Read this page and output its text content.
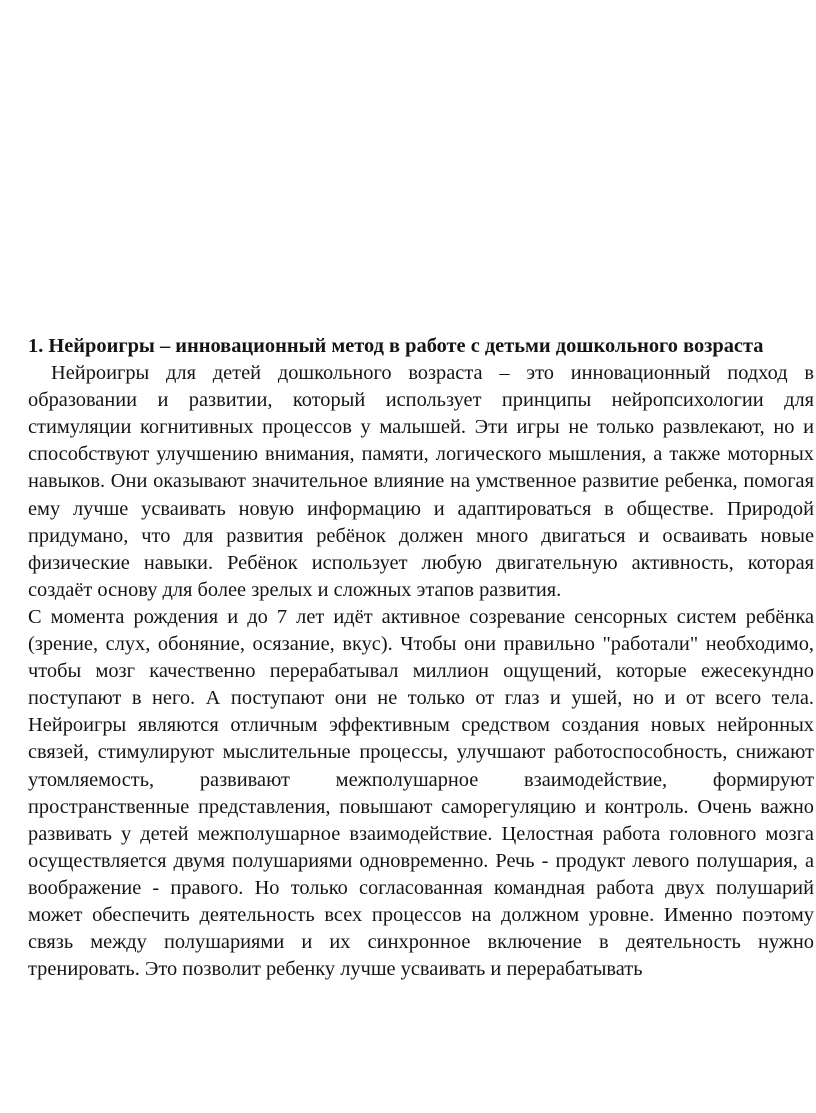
1. Нейроигры – инновационный метод в работе с детьми дошкольного возраста

Нейроигры для детей дошкольного возраста – это инновационный подход в образовании и развитии, который использует принципы нейропсихологии для стимуляции когнитивных процессов у малышей. Эти игры не только развлекают, но и способствуют улучшению внимания, памяти, логического мышления, а также моторных навыков. Они оказывают значительное влияние на умственное развитие ребенка, помогая ему лучше усваивать новую информацию и адаптироваться в обществе. Природой придумано, что для развития ребёнок должен много двигаться и осваивать новые физические навыки. Ребёнок использует любую двигательную активность, которая создаёт основу для более зрелых и сложных этапов развития.

С момента рождения и до 7 лет идёт активное созревание сенсорных систем ребёнка (зрение, слух, обоняние, осязание, вкус). Чтобы они правильно "работали" необходимо, чтобы мозг качественно перерабатывал миллион ощущений, которые ежесекундно поступают в него. А поступают они не только от глаз и ушей, но и от всего тела. Нейроигры являются отличным эффективным средством создания новых нейронных связей, стимулируют мыслительные процессы, улучшают работоспособность, снижают утомляемость, развивают межполушарное взаимодействие, формируют пространственные представления, повышают саморегуляцию и контроль. Очень важно развивать у детей межполушарное взаимодействие. Целостная работа головного мозга осуществляется двумя полушариями одновременно. Речь - продукт левого полушария, а воображение - правого. Но только согласованная командная работа двух полушарий может обеспечить деятельность всех процессов на должном уровне. Именно поэтому связь между полушариями и их синхронное включение в деятельность нужно тренировать. Это позволит ребенку лучше усваивать и перерабатывать
